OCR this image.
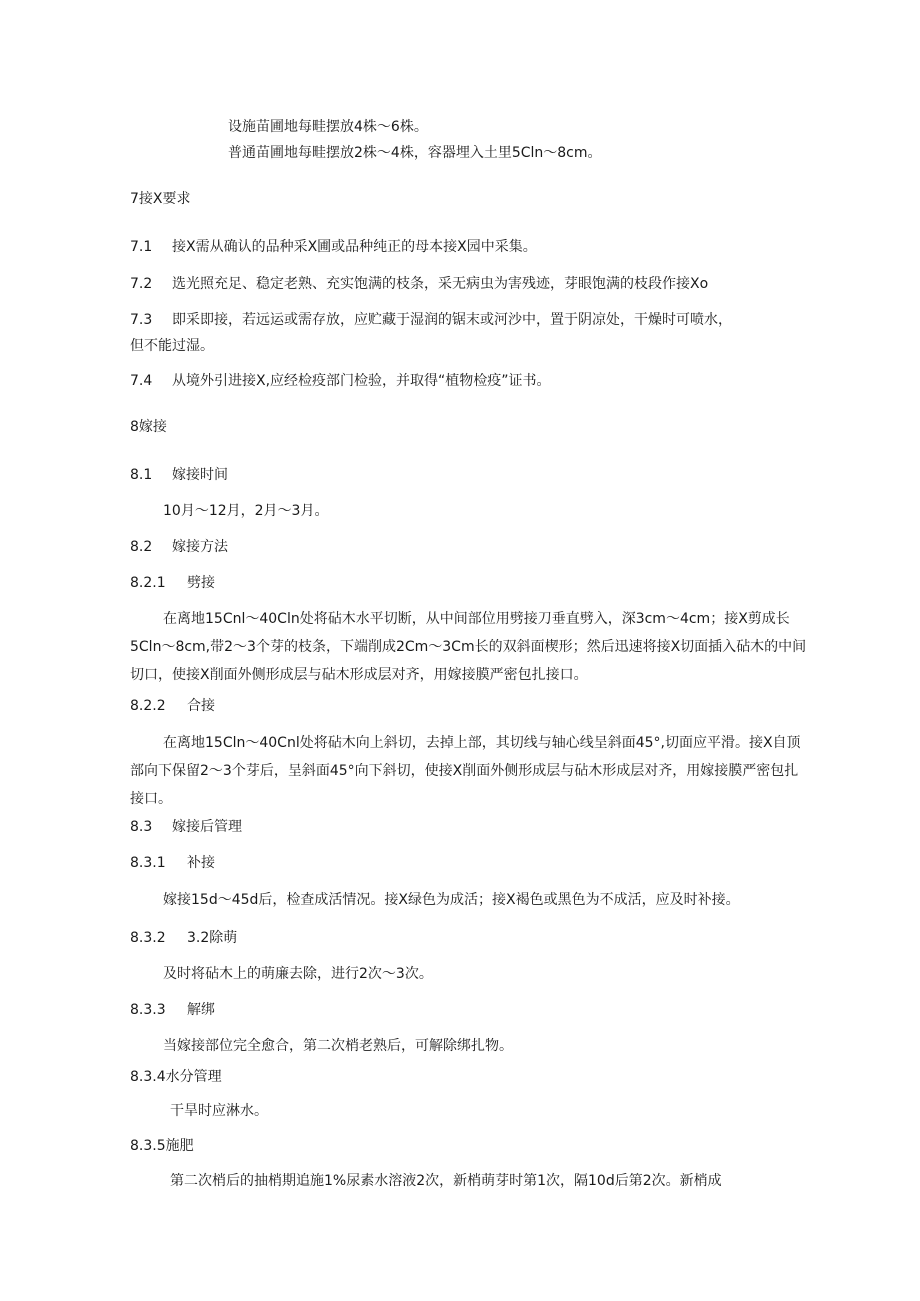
设施苗圃地每畦摆放4株～6株。
普通苗圃地每畦摆放2株～4株，容器埋入土里5Cln～8cm。
7接X要求
7.1 接X需从确认的品种采X圃或品种纯正的母本接X园中采集。
7.2 选光照充足、稳定老熟、充实饱满的枝条，采无病虫为害残迹，芽眼饱满的枝段作接Xo
7.3 即采即接，若远运或需存放，应贮藏于湿润的锯末或河沙中，置于阴凉处，干燥时可喷水，
但不能过湿。
7.4 从境外引进接X,应经检疫部门检验，并取得“植物检疫”证书。
8嫁接
8.1 嫁接时间
10月～12月，2月～3月。
8.2 嫁接方法
8.2.1 劈接
在离地15Cnl～40Cln处将砧木水平切断，从中间部位用劈接刀垂直劈入，深3cm～4cm；接X剪成长5Cln～8cm,带2～3个芽的枝条，下端削成2Cm～3Cm长的双斜面楔形；然后迅速将接X切面插入砧木的中间切口，使接X削面外侧形成层与砧木形成层对齐，用嫁接膜严密包扎接口。
8.2.2 合接
在离地15Cln～40Cnl处将砧木向上斜切，去掉上部，其切线与轴心线呈斜面45°,切面应平滑。接X自顶部向下保留2～3个芽后，呈斜面45°向下斜切，使接X削面外侧形成层与砧木形成层对齐，用嫁接膜严密包扎接口。
8.3 嫁接后管理
8.3.1 补接
嫁接15d～45d后，检查成活情况。接X绿色为成活；接X褐色或黑色为不成活，应及时补接。
8.3.2 3.2除萌
及时将砧木上的萌廉去除，进行2次～3次。
8.3.3 解绑
当嫁接部位完全愈合，第二次梢老熟后，可解除绑扎物。
8.3.4水分管理
干旱时应淋水。
8.3.5施肥
第二次梢后的抽梢期追施1%尿素水溶液2次，新梢萌芽时第1次，隔10d后第2次。新梢成
